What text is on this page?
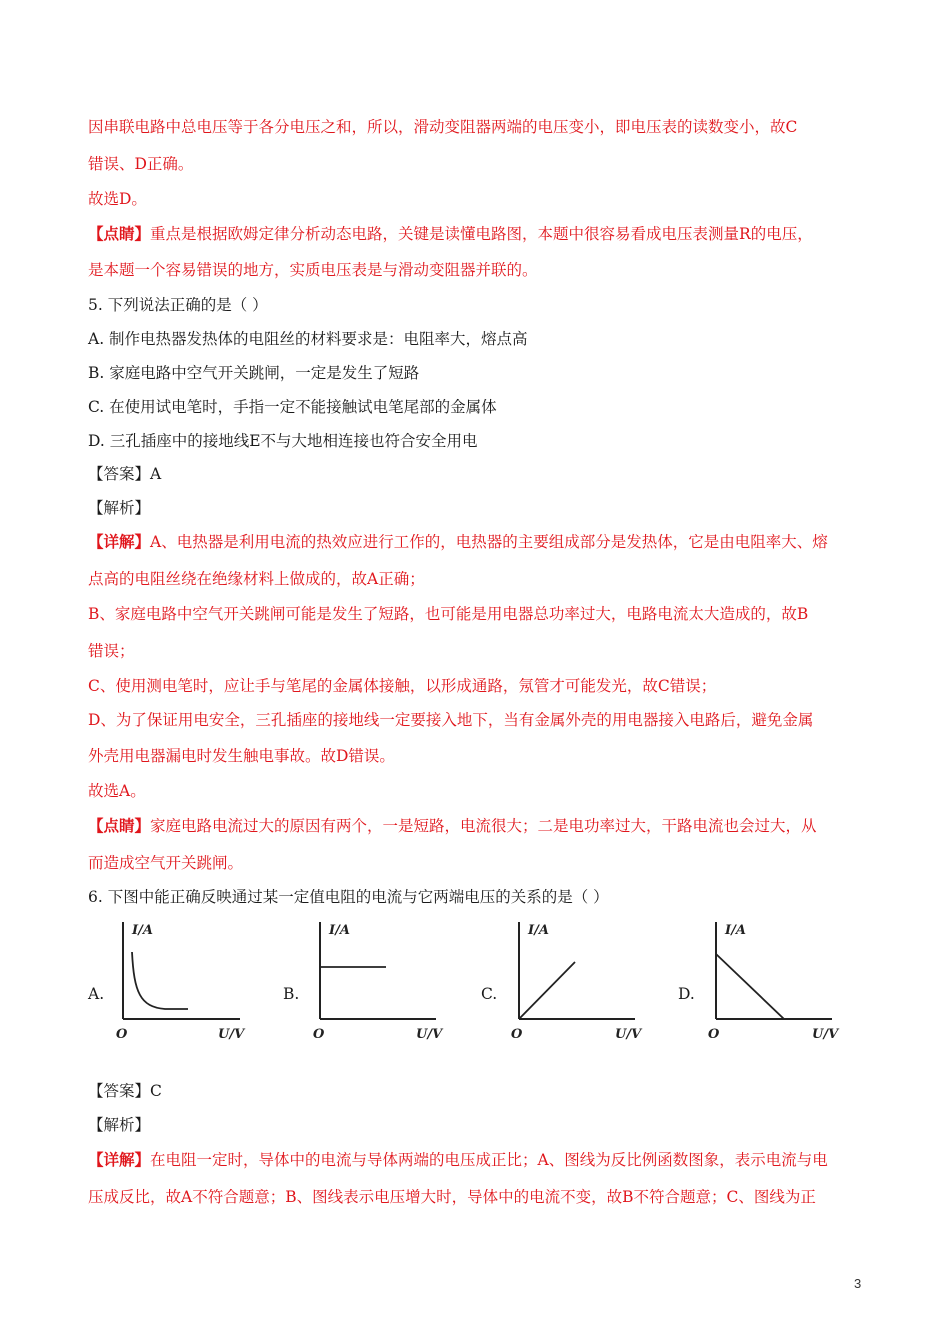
因串联电路中总电压等于各分电压之和，所以，滑动变阻器两端的电压变小，即电压表的读数变小，故C
错误、D正确。
故选D。
【点睛】重点是根据欧姆定律分析动态电路，关键是读懂电路图，本题中很容易看成电压表测量R的电压，
是本题一个容易错误的地方，实质电压表是与滑动变阻器并联的。
5. 下列说法正确的是（ ）
A. 制作电热器发热体的电阻丝的材料要求是：电阻率大，熔点高
B. 家庭电路中空气开关跳闸，一定是发生了短路
C. 在使用试电笔时，手指一定不能接触试电笔尾部的金属体
D. 三孔插座中的接地线E不与大地相连接也符合安全用电
【答案】A
【解析】
【详解】A、电热器是利用电流的热效应进行工作的，电热器的主要组成部分是发热体，它是由电阻率大、熔
点高的电阻丝绕在绝缘材料上做成的，故A正确；
B、家庭电路中空气开关跳闸可能是发生了短路，也可能是用电器总功率过大，电路电流太大造成的，故B
错误；
C、使用测电笔时，应让手与笔尾的金属体接触，以形成通路，氖管才可能发光，故C错误；
D、为了保证用电安全，三孔插座的接地线一定要接入地下，当有金属外壳的用电器接入电路后，避免金属
外壳用电器漏电时发生触电事故。故D错误。
故选A。
【点睛】家庭电路电流过大的原因有两个，一是短路，电流很大；二是电功率过大，干路电流也会过大，从
而造成空气开关跳闸。
6. 下图中能正确反映通过某一定值电阻的电流与它两端电压的关系的是（ ）
A.	B.	C.	D.
I/A
O	U/V
I/A
O	U/V
I/A
O	U/V
I/A
O	U/V
【答案】C
【解析】
【详解】在电阻一定时，导体中的电流与导体两端的电压成正比；A、图线为反比例函数图象，表示电流与电
压成反比，故A不符合题意；B、图线表示电压增大时，导体中的电流不变，故B不符合题意；C、图线为正
3
